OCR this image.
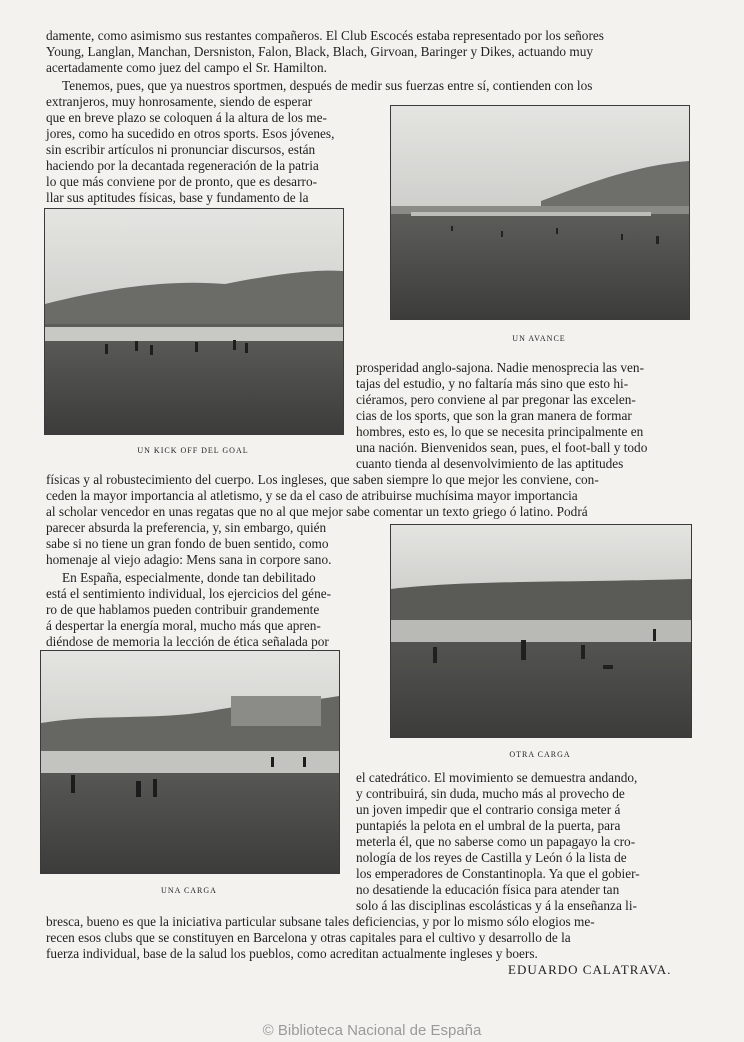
damente, como asimismo sus restantes compañeros. El Club Escocés estaba representado por los señores
Young, Langlan, Manchan, Dersniston, Falon, Black, Blach, Girvoan, Baringer y Dikes, actuando muy
acertadamente como juez del campo el Sr. Hamilton.
Tenemos, pues, que ya nuestros sportmen, después de medir sus fuerzas entre sí, contienden con los
extranjeros, muy honrosamente, siendo de esperar
que en breve plazo se coloquen á la altura de los me-
jores, como ha sucedido en otros sports. Esos jóvenes,
sin escribir artículos ni pronunciar discursos, están
haciendo por la decantada regeneración de la patria
lo que más conviene por de pronto, que es desarro-
llar sus aptitudes físicas, base y fundamento de la
prosperidad anglo-sajona. Nadie menosprecia las ven-
tajas del estudio, y no faltaría más sino que esto hi-
ciéramos, pero conviene al par pregonar las excelen-
cias de los sports, que son la gran manera de formar
hombres, esto es, lo que se necesita principalmente en
una nación. Bienvenidos sean, pues, el foot-ball y todo
cuanto tienda al desenvolvimiento de las aptitudes
físicas y al robustecimiento del cuerpo. Los ingleses, que saben siempre lo que mejor les conviene, con-
ceden la mayor importancia al atletismo, y se da el caso de atribuirse muchísima mayor importancia
al scholar vencedor en unas regatas que no al que mejor sabe comentar un texto griego ó latino. Podrá
parecer absurda la preferencia, y, sin embargo, quién
sabe si no tiene un gran fondo de buen sentido, como
homenaje al viejo adagio: Mens sana in corpore sano.
En España, especialmente, donde tan debilitado
está el sentimiento individual, los ejercicios del géne-
ro de que hablamos pueden contribuir grandemente
á despertar la energía moral, mucho más que apren-
diéndose de memoria la lección de ética señalada por
el catedrático. El movimiento se demuestra andando,
y contribuirá, sin duda, mucho más al provecho de
un joven impedir que el contrario consiga meter á
puntapiés la pelota en el umbral de la puerta, para
meterla él, que no saberse como un papagayo la cro-
nología de los reyes de Castilla y León ó la lista de
los emperadores de Constantinopla. Ya que el gobier-
no desatiende la educación física para atender tan
solo á las disciplinas escolásticas y á la enseñanza li-
bresca, bueno es que la iniciativa particular subsane tales deficiencias, y por lo mismo sólo elogios me-
recen esos clubs que se constituyen en Barcelona y otras capitales para el cultivo y desarrollo de la
fuerza individual, base de la salud los pueblos, como acreditan actualmente ingleses y boers.
EDUARDO CALATRAVA.
UN AVANCE
UN KICK OFF DEL GOAL
OTRA CARGA
UNA CARGA
© Biblioteca Nacional de España
